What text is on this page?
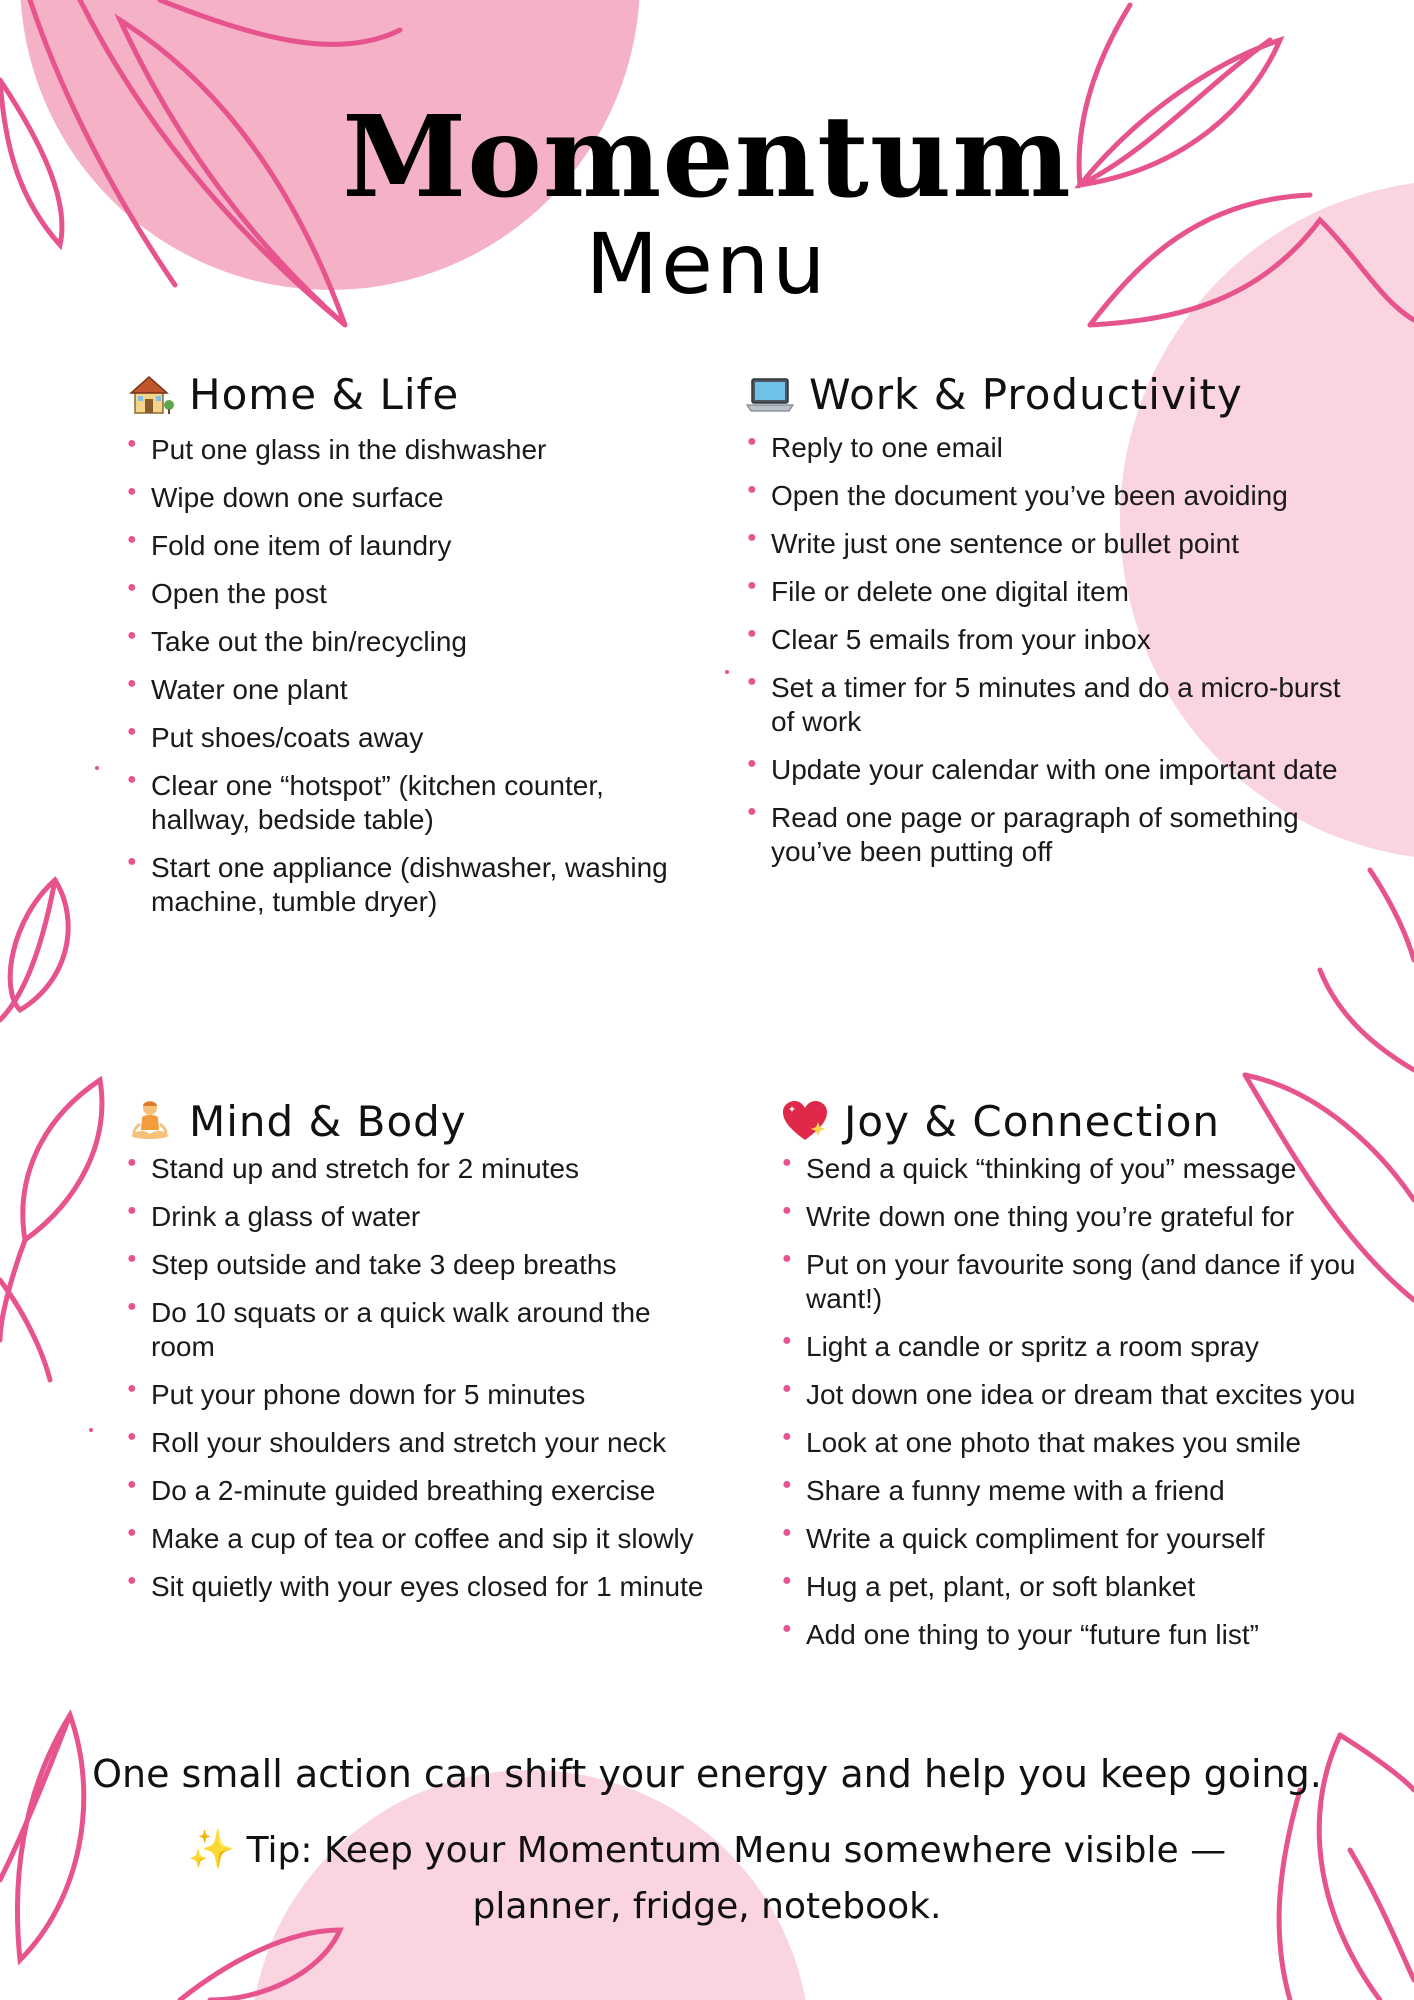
Momentum
Menu
Home & Life
● Put one glass in the dishwasher
● Wipe down one surface
● Fold one item of laundry
● Open the post
● Take out the bin/recycling
● Water one plant
● Put shoes/coats away
● Clear one “hotspot” (kitchen counter, hallway, bedside table)
● Start one appliance (dishwasher, washing machine, tumble dryer)
Work & Productivity
● Reply to one email
● Open the document you’ve been avoiding
● Write just one sentence or bullet point
● File or delete one digital item
● Clear 5 emails from your inbox
● Set a timer for 5 minutes and do a micro-burst of work
● Update your calendar with one important date
● Read one page or paragraph of something you’ve been putting off
Mind & Body
● Stand up and stretch for 2 minutes
● Drink a glass of water
● Step outside and take 3 deep breaths
● Do 10 squats or a quick walk around the room
● Put your phone down for 5 minutes
● Roll your shoulders and stretch your neck
● Do a 2-minute guided breathing exercise
● Make a cup of tea or coffee and sip it slowly
● Sit quietly with your eyes closed for 1 minute
Joy & Connection
● Send a quick “thinking of you” message
● Write down one thing you’re grateful for
● Put on your favourite song (and dance if you want!)
● Light a candle or spritz a room spray
● Jot down one idea or dream that excites you
● Look at one photo that makes you smile
● Share a funny meme with a friend
● Write a quick compliment for yourself
● Hug a pet, plant, or soft blanket
● Add one thing to your “future fun list”
One small action can shift your energy and help you keep going.
✨ Tip: Keep your Momentum Menu somewhere visible —
planner, fridge, notebook.
